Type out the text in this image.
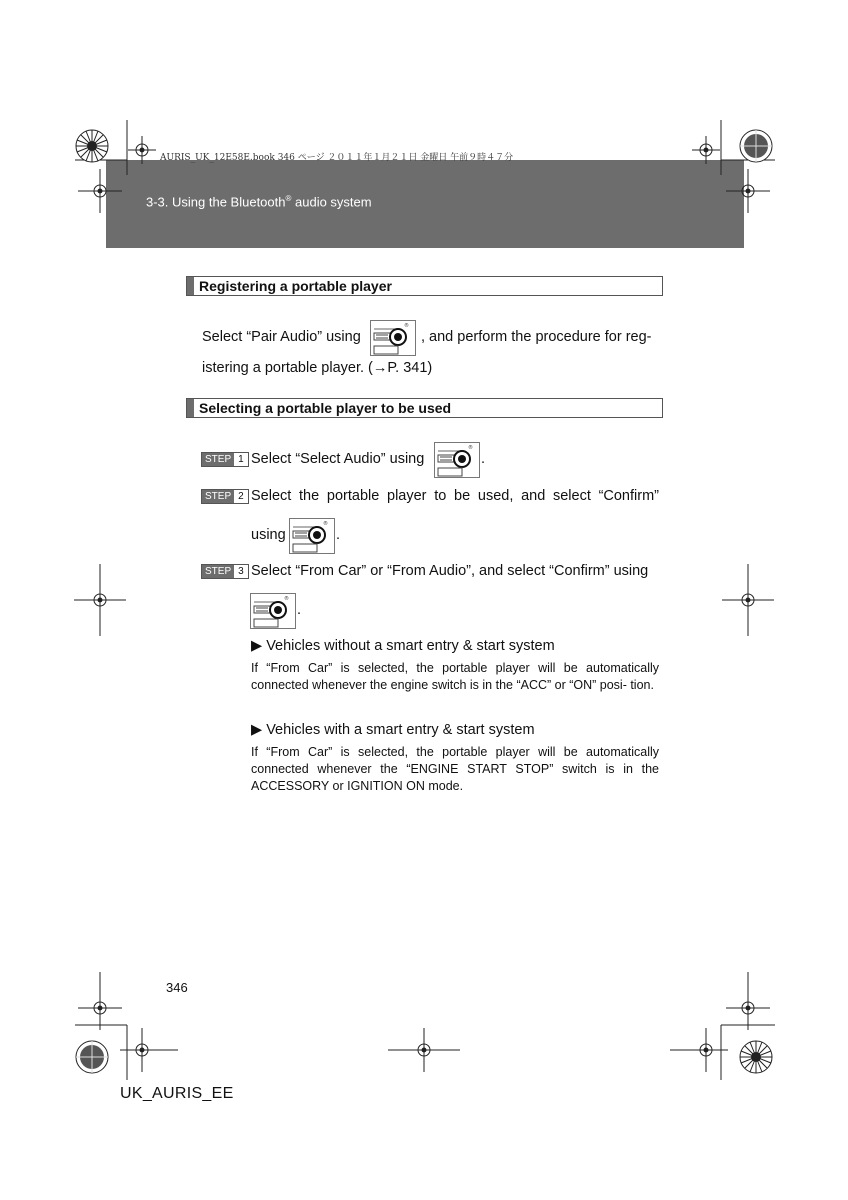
AURIS_UK_12E58E.book 346 ページ ２０１１年１月２１日 金曜日 午前９時４７分
3-3. Using the Bluetooth® audio system
Registering a portable player
Select “Pair Audio” using
®
, and perform the procedure for reg-
istering a portable player. (→P. 341)
Selecting a portable player to be used
STEP 1 Select “Select Audio” using
®
.
STEP 2 Select the portable player to be used, and select “Confirm”
using
®
.
STEP 3 Select “From Car” or “From Audio”, and select “Confirm” using
®
.
▶ Vehicles without a smart entry & start system
If “From Car” is selected, the portable player will be automatically connected whenever the engine switch is in the “ACC” or “ON” posi- tion.
▶ Vehicles with a smart entry & start system
If “From Car” is selected, the portable player will be automatically connected whenever the “ENGINE START STOP” switch is in the ACCESSORY or IGNITION ON mode.
346
UK_AURIS_EE
